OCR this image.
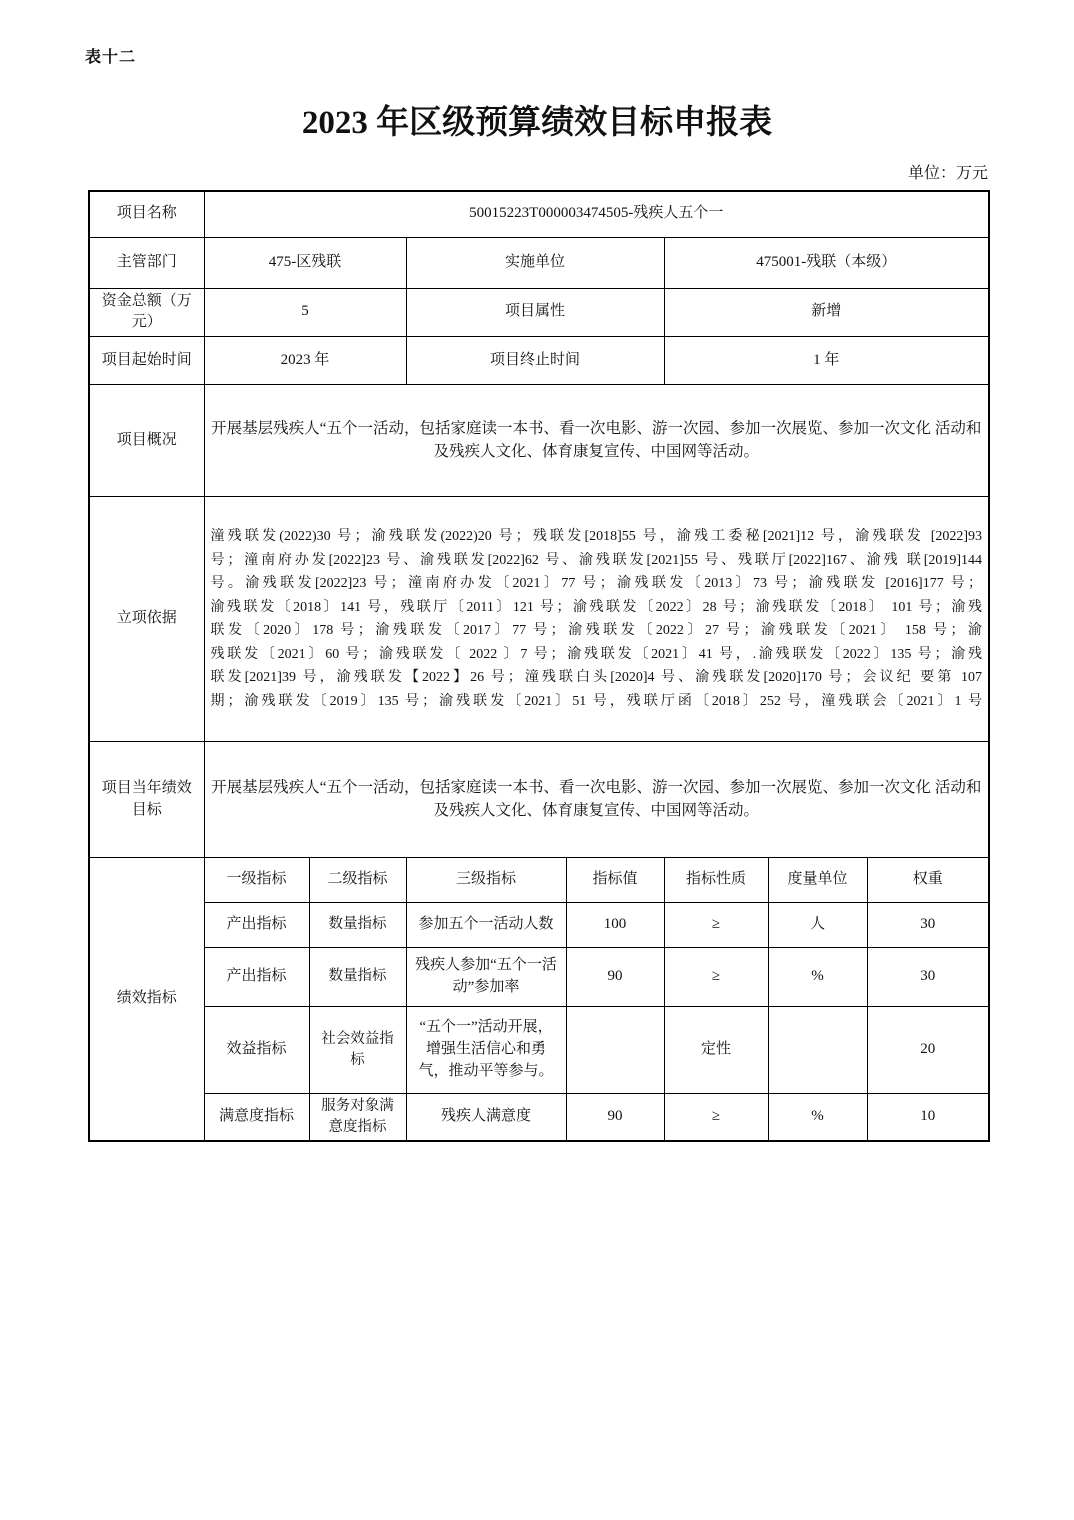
表十二
2023 年区级预算绩效目标申报表
单位：万元
项目名称	50015223T000003474505-残疾人五个一						
主管部门	475-区残联		实施单位		475001-残联（本级）		
资金总额（万元）	5		项目属性		新增		
项目起始时间	2023 年		项目终止时间		1 年		
项目概况	开展基层残疾人“五个一活动，包括家庭读一本书、看一次电影、游一次园、参加一次展览、参加一次文化 活动和及残疾人文化、体育康复宣传、中国网等活动。						
立项依据	
潼残联发(2022)30 号；渝残联发(2022)20 号；残联发[2018]55 号，渝残工委秘[2021]12 号，渝残联发 [2022]93
号；潼南府办发[2022]23 号、渝残联发[2022]62 号、渝残联发[2021]55 号、残联厅[2022]167、渝残 联[2019]144
号。渝残联发[2022]23 号；潼南府办发〔2021〕77 号；渝残联发〔2013〕73 号；渝残联发 [2016]177 号；
渝残联发〔2018〕141 号，残联厅〔2011〕121 号；渝残联发〔2022〕28 号；渝残联发〔2018〕 101 号；渝残
联发〔2020〕178 号；渝残联发〔2017〕77 号；渝残联发〔2022〕27 号；渝残联发〔2021〕 158 号；渝
残联发〔2021〕60 号；渝残联发〔 2022 〕7 号；渝残联发〔2021〕41 号，.渝残联发〔2022〕135 号；渝残
联发[2021]39 号，渝残联发【2022】26 号；潼残联白头[2020]4 号、渝残联发[2020]170 号；会议纪 要第 107
期；渝残联发〔2019〕135 号；渝残联发〔2021〕51 号，残联厅函〔2018〕252 号，潼残联会〔2021〕1 号

项目当年绩效目标	开展基层残疾人“五个一活动，包括家庭读一本书、看一次电影、游一次园、参加一次展览、参加一次文化 活动和及残疾人文化、体育康复宣传、中国网等活动。						
绩效指标	一级指标	二级指标	三级指标	指标值	指标性质	度量单位	权重
	产出指标	数量指标	参加五个一活动人数	100	≥	人	30
	产出指标	数量指标	残疾人参加“五个一活动”参加率	90	≥	%	30
	效益指标	社会效益指标	“五个一”活动开展，增强生活信心和勇气，推动平等参与。		定性		20
	满意度指标	服务对象满意度指标	残疾人满意度	90	≥	%	10
